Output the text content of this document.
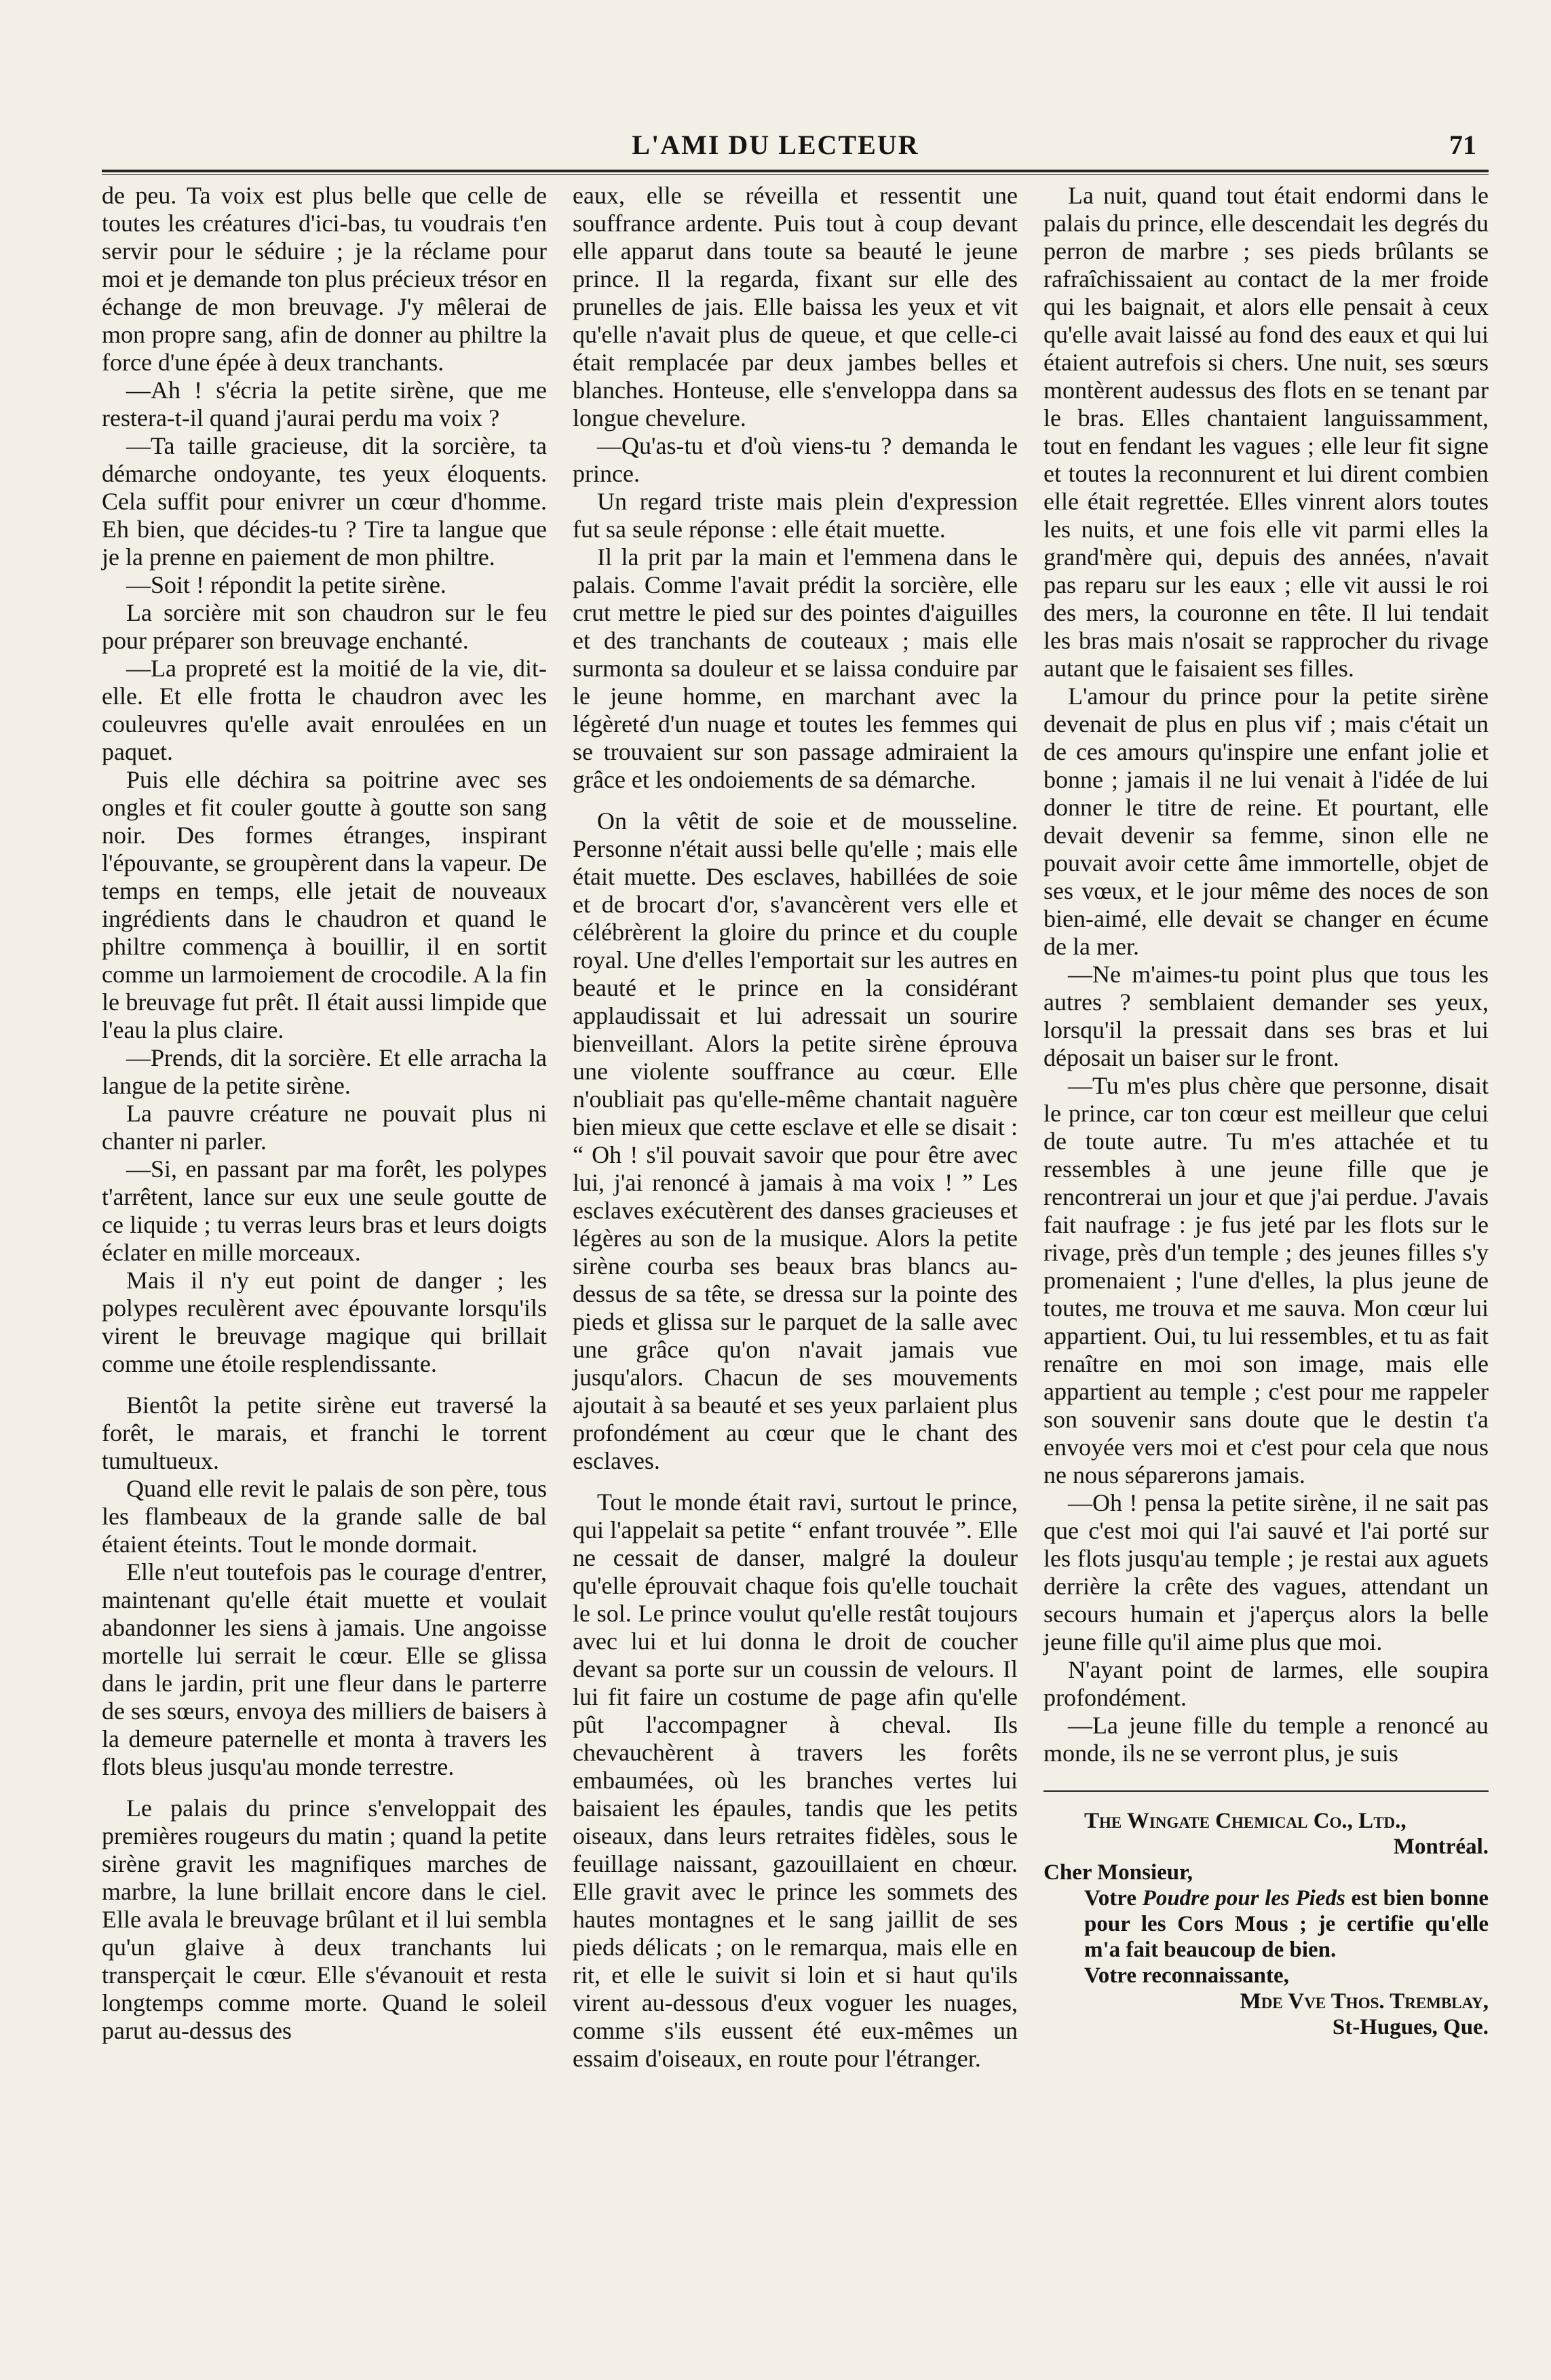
L'AMI DU LECTEUR	71

de peu. Ta voix est plus belle que celle de toutes les créatures d'ici-bas, tu voudrais t'en servir pour le séduire ; je la réclame pour moi et je demande ton plus précieux trésor en échange de mon breuvage. J'y mêlerai de mon propre sang, afin de donner au philtre la force d'une épée à deux tranchants.

—Ah ! s'écria la petite sirène, que me restera-t-il quand j'aurai perdu ma voix ?

—Ta taille gracieuse, dit la sorcière, ta démarche ondoyante, tes yeux éloquents. Cela suffit pour enivrer un cœur d'homme. Eh bien, que décides-tu ? Tire ta langue que je la prenne en paiement de mon philtre.

—Soit ! répondit la petite sirène.

La sorcière mit son chaudron sur le feu pour préparer son breuvage enchanté.

—La propreté est la moitié de la vie, dit-elle. Et elle frotta le chaudron avec les couleuvres qu'elle avait enroulées en un paquet.

Puis elle déchira sa poitrine avec ses ongles et fit couler goutte à goutte son sang noir. Des formes étranges, inspirant l'épouvante, se groupèrent dans la vapeur. De temps en temps, elle jetait de nouveaux ingrédients dans le chaudron et quand le philtre commença à bouillir, il en sortit comme un larmoiement de crocodile. A la fin le breuvage fut prêt. Il était aussi limpide que l'eau la plus claire.

—Prends, dit la sorcière. Et elle arracha la langue de la petite sirène.

La pauvre créature ne pouvait plus ni chanter ni parler.

—Si, en passant par ma forêt, les polypes t'arrêtent, lance sur eux une seule goutte de ce liquide ; tu verras leurs bras et leurs doigts éclater en mille morceaux.

Mais il n'y eut point de danger ; les polypes reculèrent avec épouvante lorsqu'ils virent le breuvage magique qui brillait comme une étoile resplendissante.

Bientôt la petite sirène eut traversé la forêt, le marais, et franchi le torrent tumultueux.

Quand elle revit le palais de son père, tous les flambeaux de la grande salle de bal étaient éteints. Tout le monde dormait.

Elle n'eut toutefois pas le courage d'entrer, maintenant qu'elle était muette et voulait abandonner les siens à jamais. Une angoisse mortelle lui serrait le cœur. Elle se glissa dans le jardin, prit une fleur dans le parterre de ses sœurs, envoya des milliers de baisers à la demeure paternelle et monta à travers les flots bleus jusqu'au monde terrestre.

Le palais du prince s'enveloppait des premières rougeurs du matin ; quand la petite sirène gravit les magnifiques marches de marbre, la lune brillait encore dans le ciel. Elle avala le breuvage brûlant et il lui sembla qu'un glaive à deux tranchants lui transperçait le cœur. Elle s'évanouit et resta longtemps comme morte. Quand le soleil parut au-dessus des

eaux, elle se réveilla et ressentit une souffrance ardente. Puis tout à coup devant elle apparut dans toute sa beauté le jeune prince. Il la regarda, fixant sur elle des prunelles de jais. Elle baissa les yeux et vit qu'elle n'avait plus de queue, et que celle-ci était remplacée par deux jambes belles et blanches. Honteuse, elle s'enveloppa dans sa longue chevelure.

—Qu'as-tu et d'où viens-tu ? demanda le prince.

Un regard triste mais plein d'expression fut sa seule réponse : elle était muette.

Il la prit par la main et l'emmena dans le palais. Comme l'avait prédit la sorcière, elle crut mettre le pied sur des pointes d'aiguilles et des tranchants de couteaux ; mais elle surmonta sa douleur et se laissa conduire par le jeune homme, en marchant avec la légèreté d'un nuage et toutes les femmes qui se trouvaient sur son passage admiraient la grâce et les ondoiements de sa démarche.

On la vêtit de soie et de mousseline. Personne n'était aussi belle qu'elle ; mais elle était muette. Des esclaves, habillées de soie et de brocart d'or, s'avancèrent vers elle et célébrèrent la gloire du prince et du couple royal. Une d'elles l'emportait sur les autres en beauté et le prince en la considérant applaudissait et lui adressait un sourire bienveillant. Alors la petite sirène éprouva une violente souffrance au cœur. Elle n'oubliait pas qu'elle-même chantait naguère bien mieux que cette esclave et elle se disait : “ Oh ! s'il pouvait savoir que pour être avec lui, j'ai renoncé à jamais à ma voix ! ” Les esclaves exécutèrent des danses gracieuses et légères au son de la musique. Alors la petite sirène courba ses beaux bras blancs au-dessus de sa tête, se dressa sur la pointe des pieds et glissa sur le parquet de la salle avec une grâce qu'on n'avait jamais vue jusqu'alors. Chacun de ses mouvements ajoutait à sa beauté et ses yeux parlaient plus profondément au cœur que le chant des esclaves.

Tout le monde était ravi, surtout le prince, qui l'appelait sa petite “ enfant trouvée ”. Elle ne cessait de danser, malgré la douleur qu'elle éprouvait chaque fois qu'elle touchait le sol. Le prince voulut qu'elle restât toujours avec lui et lui donna le droit de coucher devant sa porte sur un coussin de velours. Il lui fit faire un costume de page afin qu'elle pût l'accompagner à cheval. Ils chevauchèrent à travers les forêts embaumées, où les branches vertes lui baisaient les épaules, tandis que les petits oiseaux, dans leurs retraites fidèles, sous le feuillage naissant, gazouillaient en chœur. Elle gravit avec le prince les sommets des hautes montagnes et le sang jaillit de ses pieds délicats ; on le remarqua, mais elle en rit, et elle le suivit si loin et si haut qu'ils virent au-dessous d'eux voguer les nuages, comme s'ils eussent été eux-mêmes un essaim d'oiseaux, en route pour l'étranger.

La nuit, quand tout était endormi dans le palais du prince, elle descendait les degrés du perron de marbre ; ses pieds brûlants se rafraîchissaient au contact de la mer froide qui les baignait, et alors elle pensait à ceux qu'elle avait laissé au fond des eaux et qui lui étaient autrefois si chers. Une nuit, ses sœurs montèrent audessus des flots en se tenant par le bras. Elles chantaient languissamment, tout en fendant les vagues ; elle leur fit signe et toutes la reconnurent et lui dirent combien elle était regrettée. Elles vinrent alors toutes les nuits, et une fois elle vit parmi elles la grand'mère qui, depuis des années, n'avait pas reparu sur les eaux ; elle vit aussi le roi des mers, la couronne en tête. Il lui tendait les bras mais n'osait se rapprocher du rivage autant que le faisaient ses filles.

L'amour du prince pour la petite sirène devenait de plus en plus vif ; mais c'était un de ces amours qu'inspire une enfant jolie et bonne ; jamais il ne lui venait à l'idée de lui donner le titre de reine. Et pourtant, elle devait devenir sa femme, sinon elle ne pouvait avoir cette âme immortelle, objet de ses vœux, et le jour même des noces de son bien-aimé, elle devait se changer en écume de la mer.

—Ne m'aimes-tu point plus que tous les autres ? semblaient demander ses yeux, lorsqu'il la pressait dans ses bras et lui déposait un baiser sur le front.

—Tu m'es plus chère que personne, disait le prince, car ton cœur est meilleur que celui de toute autre. Tu m'es attachée et tu ressembles à une jeune fille que je rencontrerai un jour et que j'ai perdue. J'avais fait naufrage : je fus jeté par les flots sur le rivage, près d'un temple ; des jeunes filles s'y promenaient ; l'une d'elles, la plus jeune de toutes, me trouva et me sauva. Mon cœur lui appartient. Oui, tu lui ressembles, et tu as fait renaître en moi son image, mais elle appartient au temple ; c'est pour me rappeler son souvenir sans doute que le destin t'a envoyée vers moi et c'est pour cela que nous ne nous séparerons jamais.

—Oh ! pensa la petite sirène, il ne sait pas que c'est moi qui l'ai sauvé et l'ai porté sur les flots jusqu'au temple ; je restai aux aguets derrière la crête des vagues, attendant un secours humain et j'aperçus alors la belle jeune fille qu'il aime plus que moi.

N'ayant point de larmes, elle soupira profondément.

—La jeune fille du temple a renoncé au monde, ils ne se verront plus, je suis

The Wingate Chemical Co., Ltd.,
Montréal.
Cher Monsieur,
Votre Poudre pour les Pieds est bien bonne pour les Cors Mous ; je certifie qu'elle m'a fait beaucoup de bien.
Votre reconnaissante,
Mde Vve Thos. Tremblay,
St-Hugues, Que.
